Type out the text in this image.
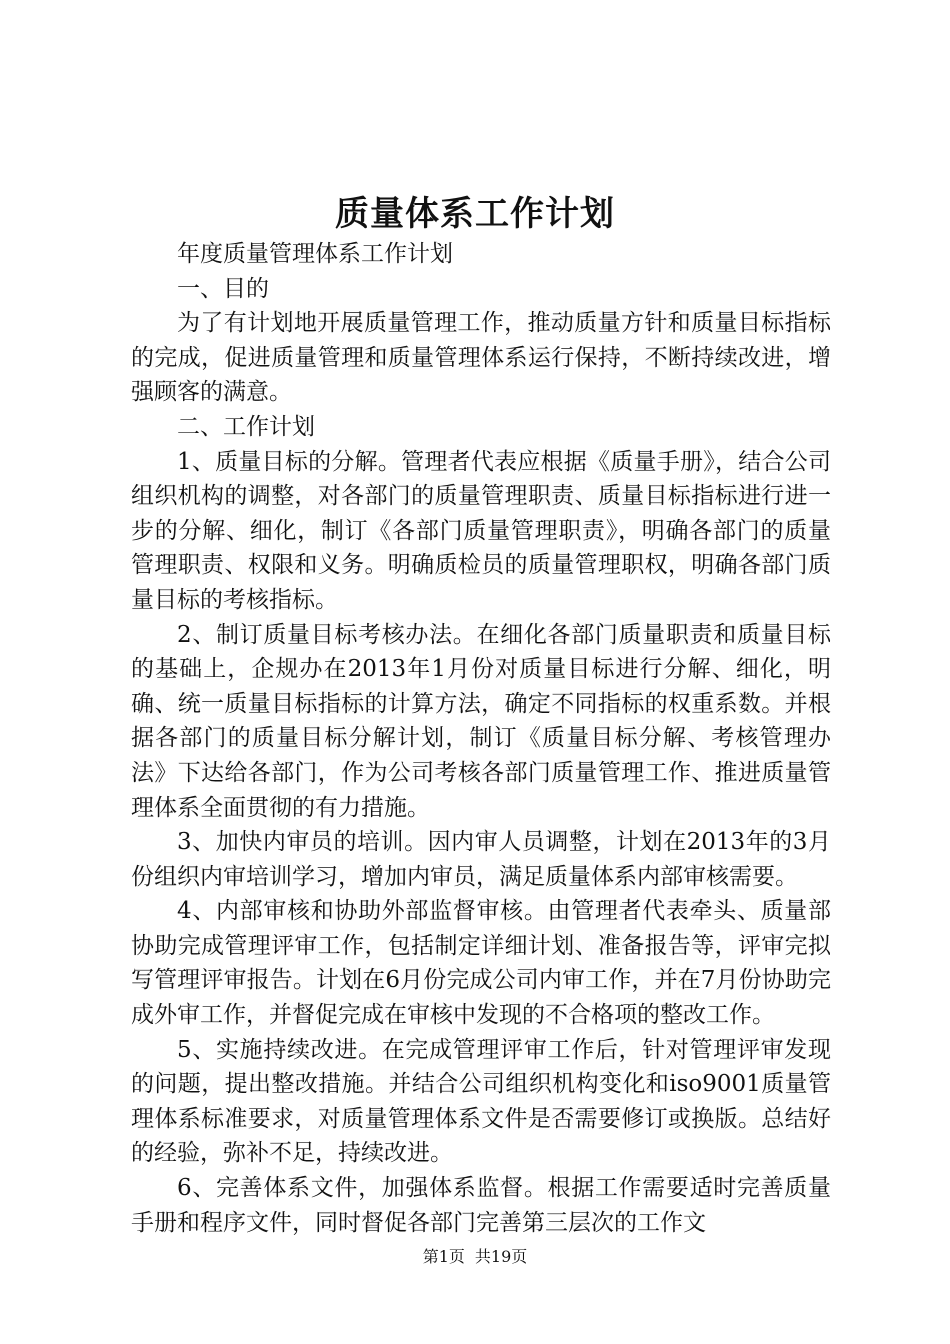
质量体系工作计划

年度质量管理体系工作计划

一、目的

为了有计划地开展质量管理工作，推动质量方针和质量目标指标的完成，促进质量管理和质量管理体系运行保持，不断持续改进，增强顾客的满意。

二、工作计划

1、质量目标的分解。管理者代表应根据《质量手册》，结合公司组织机构的调整，对各部门的质量管理职责、质量目标指标进行进一步的分解、细化，制订《各部门质量管理职责》，明确各部门的质量管理职责、权限和义务。明确质检员的质量管理职权，明确各部门质量目标的考核指标。

2、制订质量目标考核办法。在细化各部门质量职责和质量目标的基础上，企规办在2013年1月份对质量目标进行分解、细化，明确、统一质量目标指标的计算方法，确定不同指标的权重系数。并根据各部门的质量目标分解计划，制订《质量目标分解、考核管理办法》下达给各部门，作为公司考核各部门质量管理工作、推进质量管理体系全面贯彻的有力措施。

3、加快内审员的培训。因内审人员调整，计划在2013年的3月份组织内审培训学习，增加内审员，满足质量体系内部审核需要。

4、内部审核和协助外部监督审核。由管理者代表牵头、质量部协助完成管理评审工作，包括制定详细计划、准备报告等，评审完拟写管理评审报告。计划在6月份完成公司内审工作，并在7月份协助完成外审工作，并督促完成在审核中发现的不合格项的整改工作。

5、实施持续改进。在完成管理评审工作后，针对管理评审发现的问题，提出整改措施。并结合公司组织机构变化和iso9001质量管理体系标准要求，对质量管理体系文件是否需要修订或换版。总结好的经验，弥补不足，持续改进。

6、完善体系文件，加强体系监督。根据工作需要适时完善质量手册和程序文件，同时督促各部门完善第三层次的工作文

第1页 共19页
